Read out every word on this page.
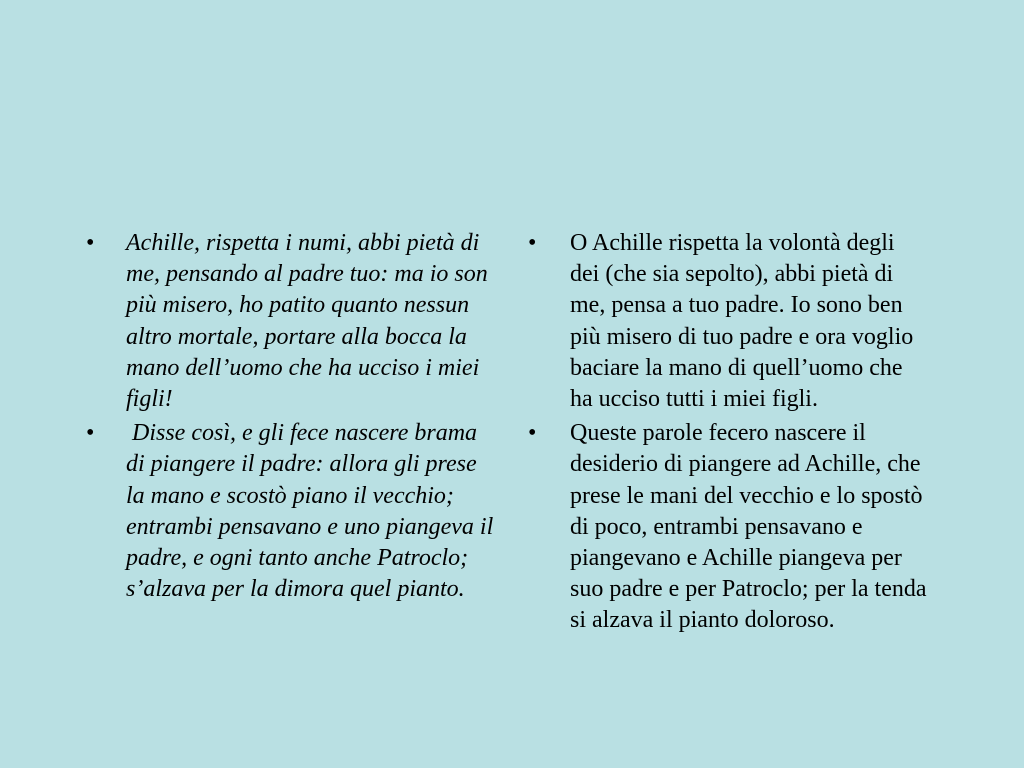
• Achille, rispetta i numi, abbi pietà di me, pensando al padre tuo: ma io son più misero, ho patito quanto nessun altro mortale, portare alla bocca la mano dell’uomo che ha ucciso i miei figli!
• Disse così, e gli fece nascere brama di piangere il padre: allora gli prese la mano e scostò piano il vecchio; entrambi pensavano e uno piangeva il padre, e ogni tanto anche Patroclo; s’alzava per la dimora quel pianto.
• O Achille rispetta la volontà degli dei (che sia sepolto), abbi pietà di me, pensa a tuo padre. Io sono ben più misero di tuo padre e ora voglio baciare la mano di quell’uomo che ha ucciso tutti i miei figli.
• Queste parole fecero nascere il desiderio di piangere ad Achille, che prese le mani del vecchio e lo spostò di poco, entrambi pensavano e piangevano e Achille piangeva per suo padre e per Patroclo; per la tenda si alzava il pianto doloroso.
